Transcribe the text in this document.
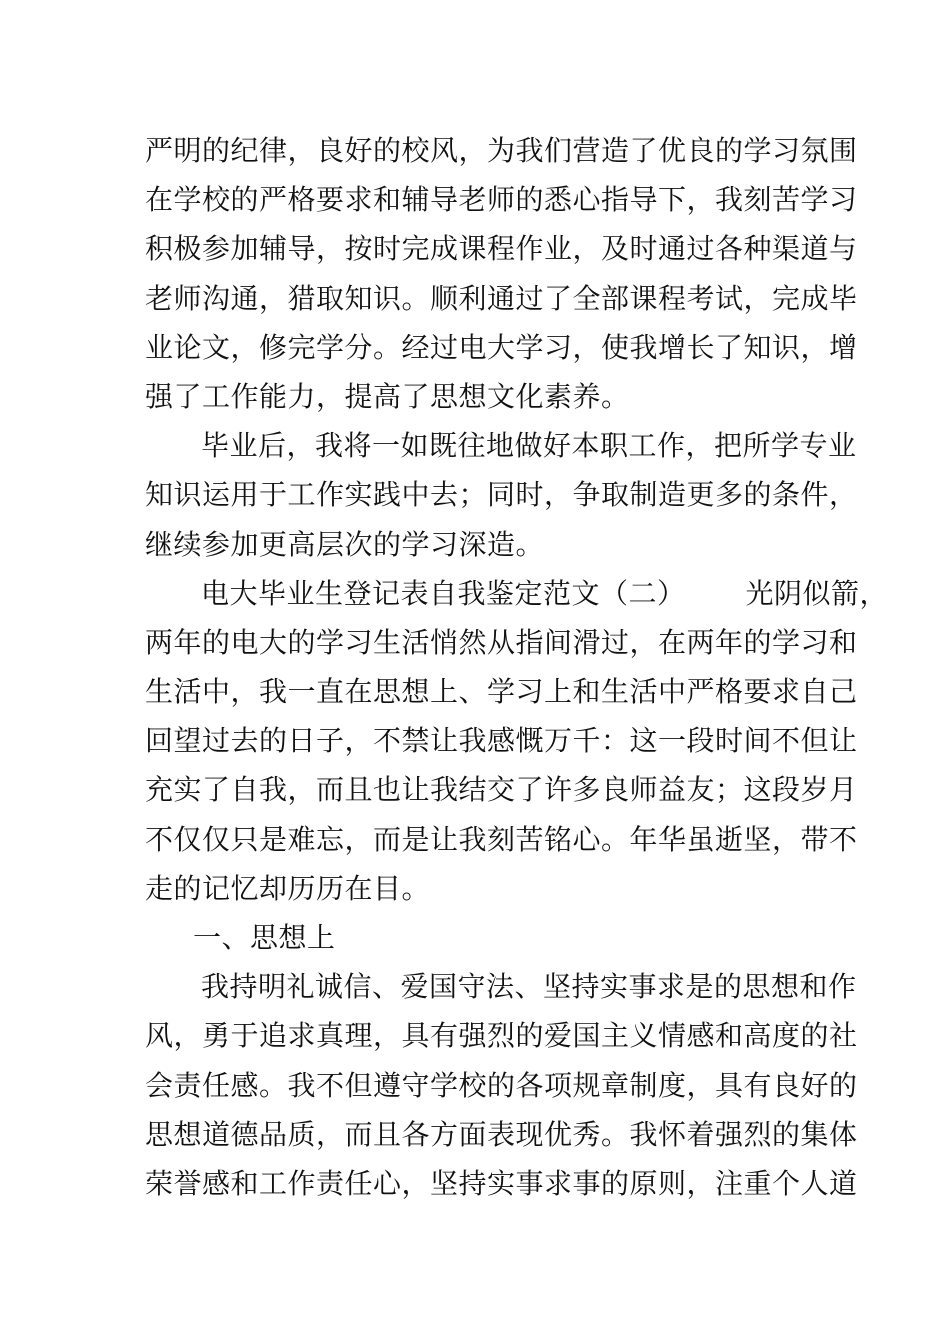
严明的纪律，良好的校风，为我们营造了优良的学习氛围
在学校的严格要求和辅导老师的悉心指导下，我刻苦学习
积极参加辅导，按时完成课程作业，及时通过各种渠道与
老师沟通，猎取知识。顺利通过了全部课程考试，完成毕
业论文，修完学分。经过电大学习，使我增长了知识，增
强了工作能力，提高了思想文化素养。
毕业后，我将一如既往地做好本职工作，把所学专业
知识运用于工作实践中去；同时，争取制造更多的条件，
继续参加更高层次的学习深造。
电大毕业生登记表自我鉴定范文（二） 光阴似箭，
两年的电大的学习生活悄然从指间滑过，在两年的学习和
生活中，我一直在思想上、学习上和生活中严格要求自己
回望过去的日子，不禁让我感慨万千：这一段时间不但让
充实了自我，而且也让我结交了许多良师益友；这段岁月
不仅仅只是难忘，而是让我刻苦铭心。年华虽逝坚，带不
走的记忆却历历在目。
一、思想上
我持明礼诚信、爱国守法、坚持实事求是的思想和作
风，勇于追求真理，具有强烈的爱国主义情感和高度的社
会责任感。我不但遵守学校的各项规章制度，具有良好的
思想道德品质，而且各方面表现优秀。我怀着强烈的集体
荣誉感和工作责任心，坚持实事求事的原则，注重个人道
